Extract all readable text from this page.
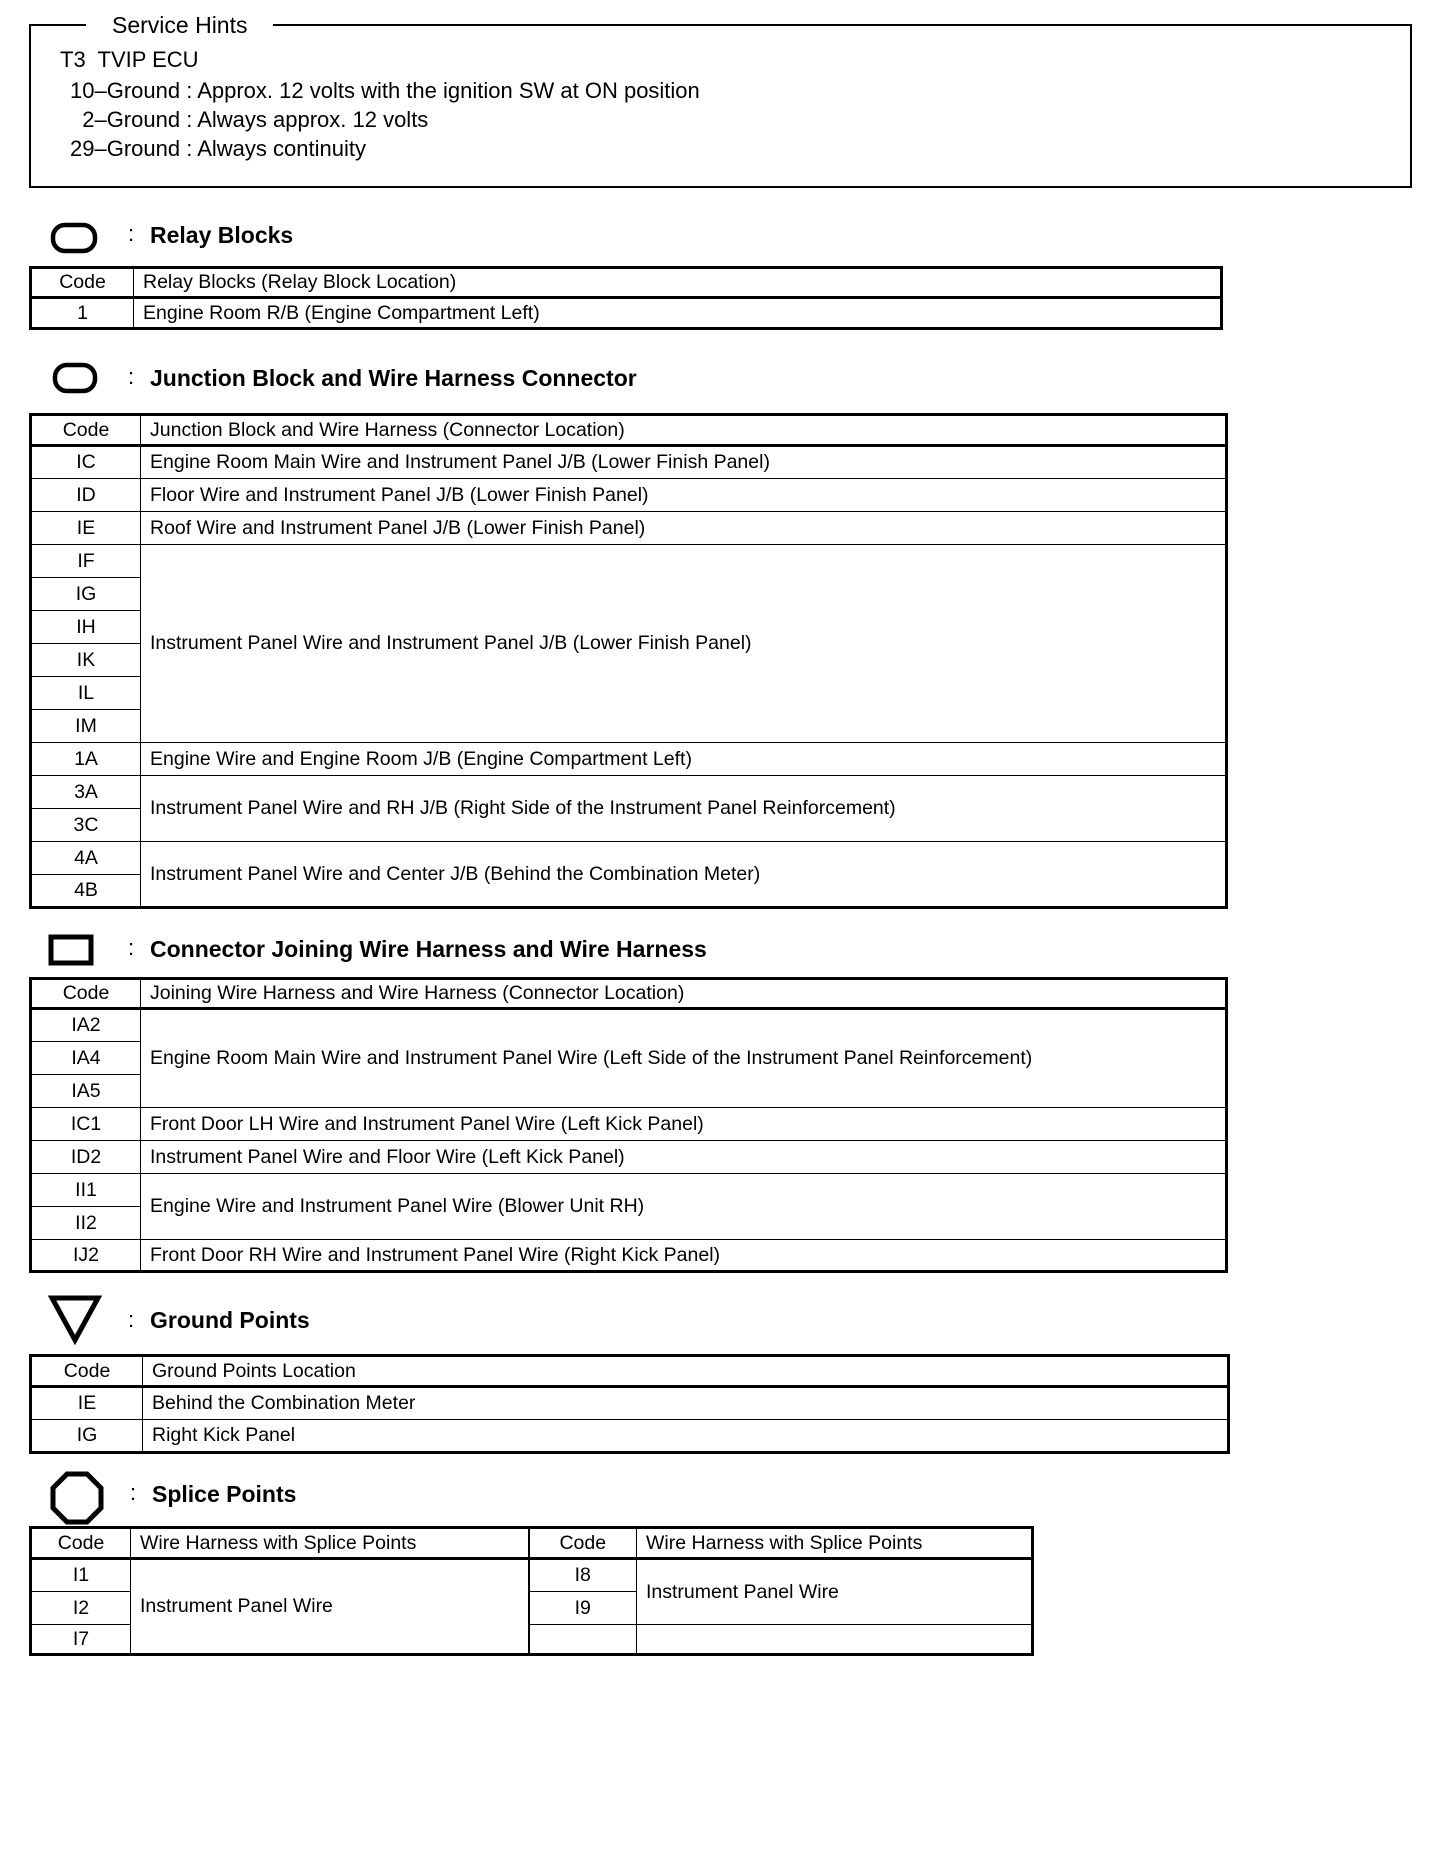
Service Hints
T3  TVIP ECU
10–Ground : Approx. 12 volts with the ignition SW at ON position
2–Ground : Always approx. 12 volts
29–Ground : Always continuity
: Relay Blocks
Code	Relay Blocks (Relay Block Location)
1	Engine Room R/B (Engine Compartment Left)
: Junction Block and Wire Harness Connector
Code	Junction Block and Wire Harness (Connector Location)
IC	Engine Room Main Wire and Instrument Panel J/B (Lower Finish Panel)
ID	Floor Wire and Instrument Panel J/B (Lower Finish Panel)
IE	Roof Wire and Instrument Panel J/B (Lower Finish Panel)
IF	Instrument Panel Wire and Instrument Panel J/B (Lower Finish Panel)
IG	
IH	
IK	
IL	
IM	
1A	Engine Wire and Engine Room J/B (Engine Compartment Left)
3A	Instrument Panel Wire and RH J/B (Right Side of the Instrument Panel Reinforcement)
3C	
4A	Instrument Panel Wire and Center J/B (Behind the Combination Meter)
4B	
: Connector Joining Wire Harness and Wire Harness
Code	Joining Wire Harness and Wire Harness (Connector Location)
IA2	Engine Room Main Wire and Instrument Panel Wire (Left Side of the Instrument Panel Reinforcement)
IA4	
IA5	
IC1	Front Door LH Wire and Instrument Panel Wire (Left Kick Panel)
ID2	Instrument Panel Wire and Floor Wire (Left Kick Panel)
II1	Engine Wire and Instrument Panel Wire (Blower Unit RH)
II2	
IJ2	Front Door RH Wire and Instrument Panel Wire (Right Kick Panel)
: Ground Points
Code	Ground Points Location
IE	Behind the Combination Meter
IG	Right Kick Panel
: Splice Points
Code	Wire Harness with Splice Points	Code	Wire Harness with Splice Points
I1	Instrument Panel Wire	I8	Instrument Panel Wire
I2		I9	
I7			
